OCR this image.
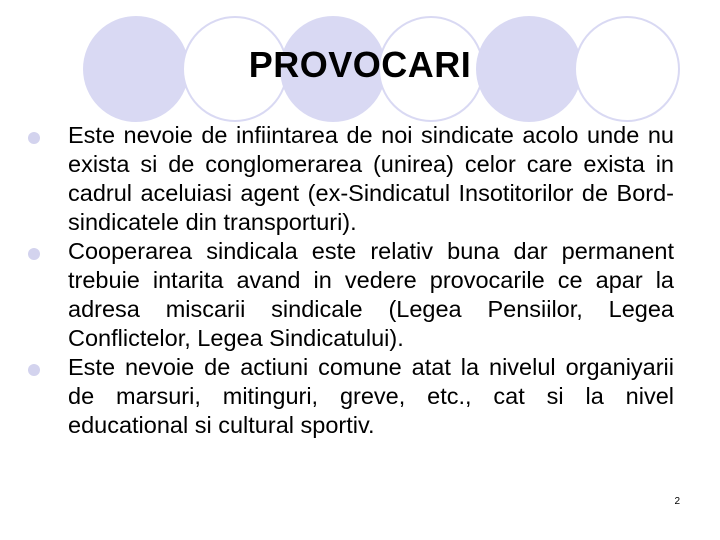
PROVOCARI
Este nevoie de infiintarea de noi sindicate acolo unde nu exista si de conglomerarea (unirea) celor care exista in cadrul aceluiasi agent (ex-Sindicatul Insotitorilor de Bord-sindicatele din transporturi).
Cooperarea sindicala este relativ buna dar permanent trebuie intarita avand in vedere provocarile ce apar la adresa miscarii sindicale (Legea Pensiilor, Legea Conflictelor, Legea Sindicatului).
Este nevoie de actiuni comune atat la nivelul organiyarii de marsuri, mitinguri, greve, etc., cat si la nivel educational si cultural sportiv.
2
